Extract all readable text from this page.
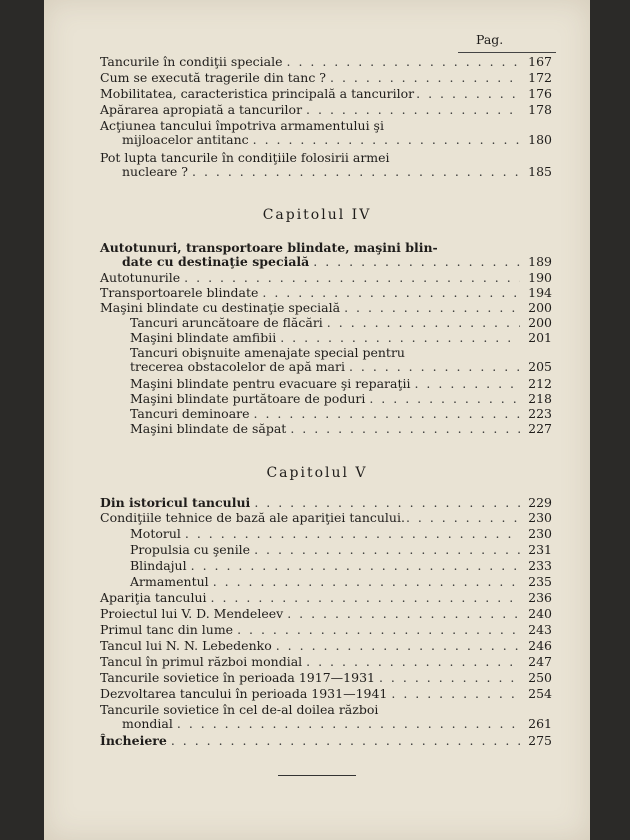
Pag.
Tancurile în condiţii speciale . . .	167
Cum se execută tragerile din tanc ? . . .	172
Mobilitatea, caracteristica principală a tancurilor . . .	176
Apărarea apropiată a tancurilor . . .	178
Acţiunea tancului împotriva armamentului şi
mijloacelor antitanc . . .	180
Pot lupta tancurile în condiţiile folosirii armei
nucleare ? . . .	185
Capitolul IV
Autotunuri, transportoare blindate, maşini blin-
date cu destinaţie specială . . .	189
Autotunurile . . .	190
Transportoarele blindate . . .	194
Maşini blindate cu destinaţie specială . . .	200
Tancuri aruncătoare de flăcări . . .	200
Maşini blindate amfibii . . .	201
Tancuri obişnuite amenajate special pentru
trecerea obstacolelor de apă mari . . .	205
Maşini blindate pentru evacuare şi reparaţii . . .	212
Maşini blindate purtătoare de poduri . . .	218
Tancuri deminoare . . .	223
Maşini blindate de săpat . . .	227
Capitolul V
Din istoricul tancului . . .	229
Condiţiile tehnice de bază ale apariţiei tancului. . . .	230
Motorul . . .	230
Propulsia cu şenile . . .	231
Blindajul . . .	233
Armamentul . . .	235
Apariţia tancului . . .	236
Proiectul lui V. D. Mendeleev . . .	240
Primul tanc din lume . . .	243
Tancul lui N. N. Lebedenko . . .	246
Tancul în primul război mondial . . .	247
Tancurile sovietice în perioada 1917—1931 . . .	250
Dezvoltarea tancului în perioada 1931—1941 . . .	254
Tancurile sovietice în cel de-al doilea război
mondial . . .	261
Încheiere . . .	275
